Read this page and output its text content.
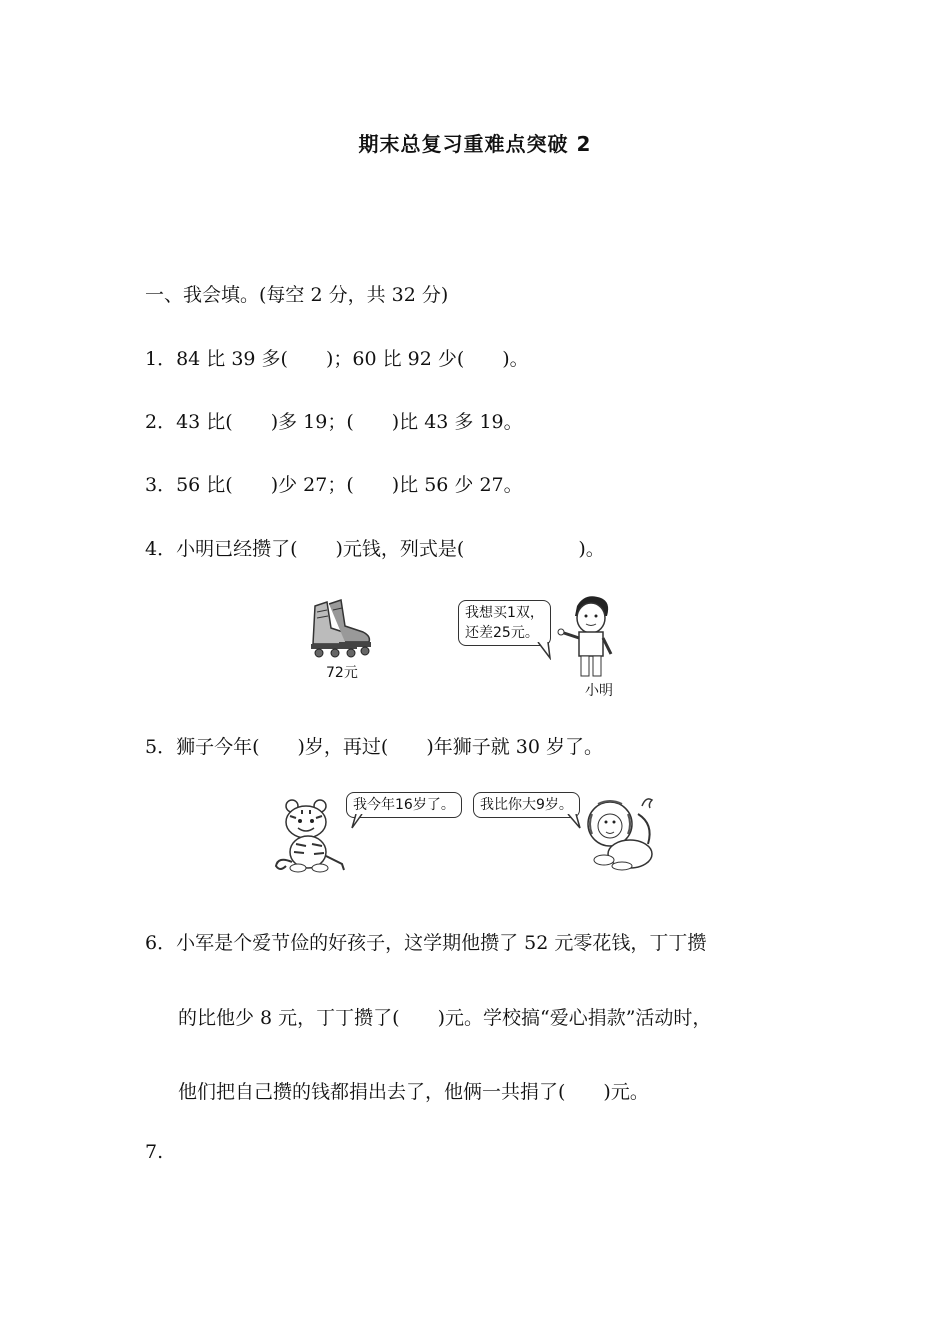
期末总复习重难点突破 2
一、我会填。(每空 2 分，共 32 分)
1．84 比 39 多(　　)；60 比 92 少(　　)。
2．43 比(　　)多 19；(　　)比 43 多 19。
3．56 比(　　)少 27；(　　)比 56 少 27。
4．小明已经攒了(　　)元钱，列式是(　　　　　　)。
72元
我想买1双，
还差25元。
小明
5．狮子今年(　　)岁，再过(　　)年狮子就 30 岁了。
我今年16岁了。	我比你大9岁。
6．小军是个爱节俭的好孩子，这学期他攒了 52 元零花钱，丁丁攒
的比他少 8 元，丁丁攒了(　　)元。学校搞“爱心捐款”活动时，
他们把自己攒的钱都捐出去了，他俩一共捐了(　　)元。
7.
